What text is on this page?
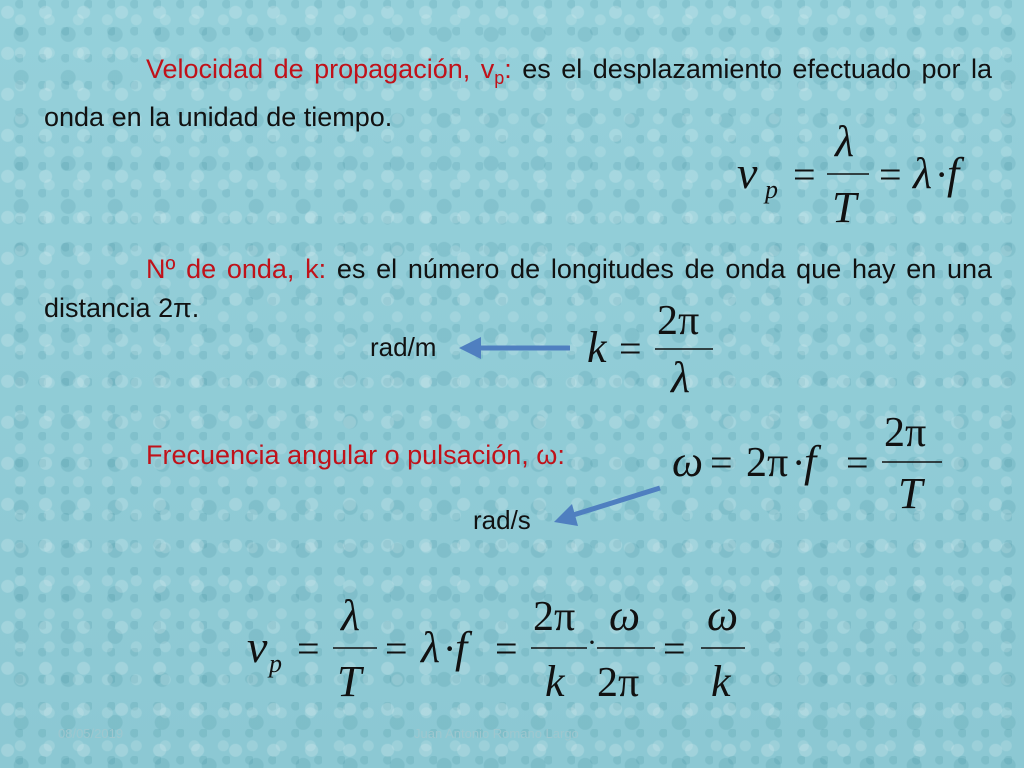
Velocidad de propagación, $v_p$: es el desplazamiento efectuado por la onda en la unidad de tiempo.
v p =
λ
T
= λ ·
f
Nº de onda, k: es el número de longitudes de onda que hay en una distancia 2π.
rad/m	k =
2π
λ
Frecuencia angular o pulsación, ω:	ω = 2π ·
f =
2π
T
rad/s
v p =
λ
T
= λ ·
f =
2π
k
·
ω
2π
=
ω
k
08/05/2019	Juan Antonio Romano Largo
